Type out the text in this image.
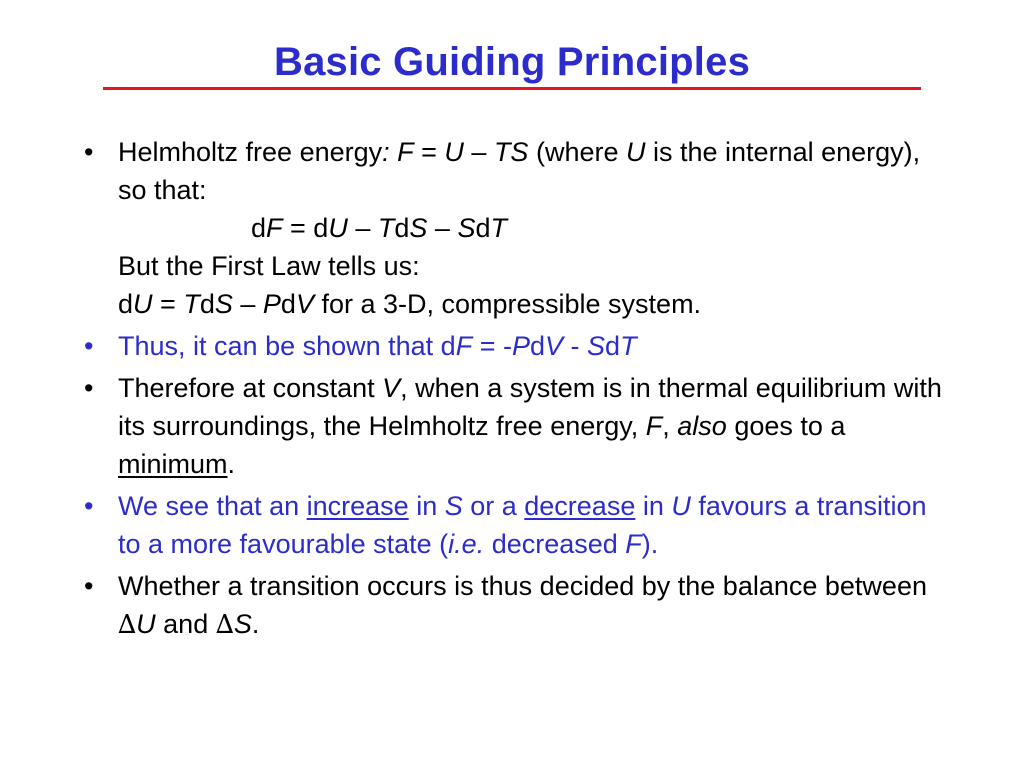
Basic Guiding Principles
• Helmholtz free energy: F = U – TS (where U is the internal energy), so that:
dF = dU – TdS – SdT
But the First Law tells us:
dU = TdS – PdV for a 3-D, compressible system.
• Thus, it can be shown that dF = -PdV - SdT
• Therefore at constant V, when a system is in thermal equilibrium with its surroundings, the Helmholtz free energy, F, also goes to a minimum.
• We see that an increase in S or a decrease in U favours a transition to a more favourable state (i.e. decreased F).
• Whether a transition occurs is thus decided by the balance between ∆U and ∆S.
